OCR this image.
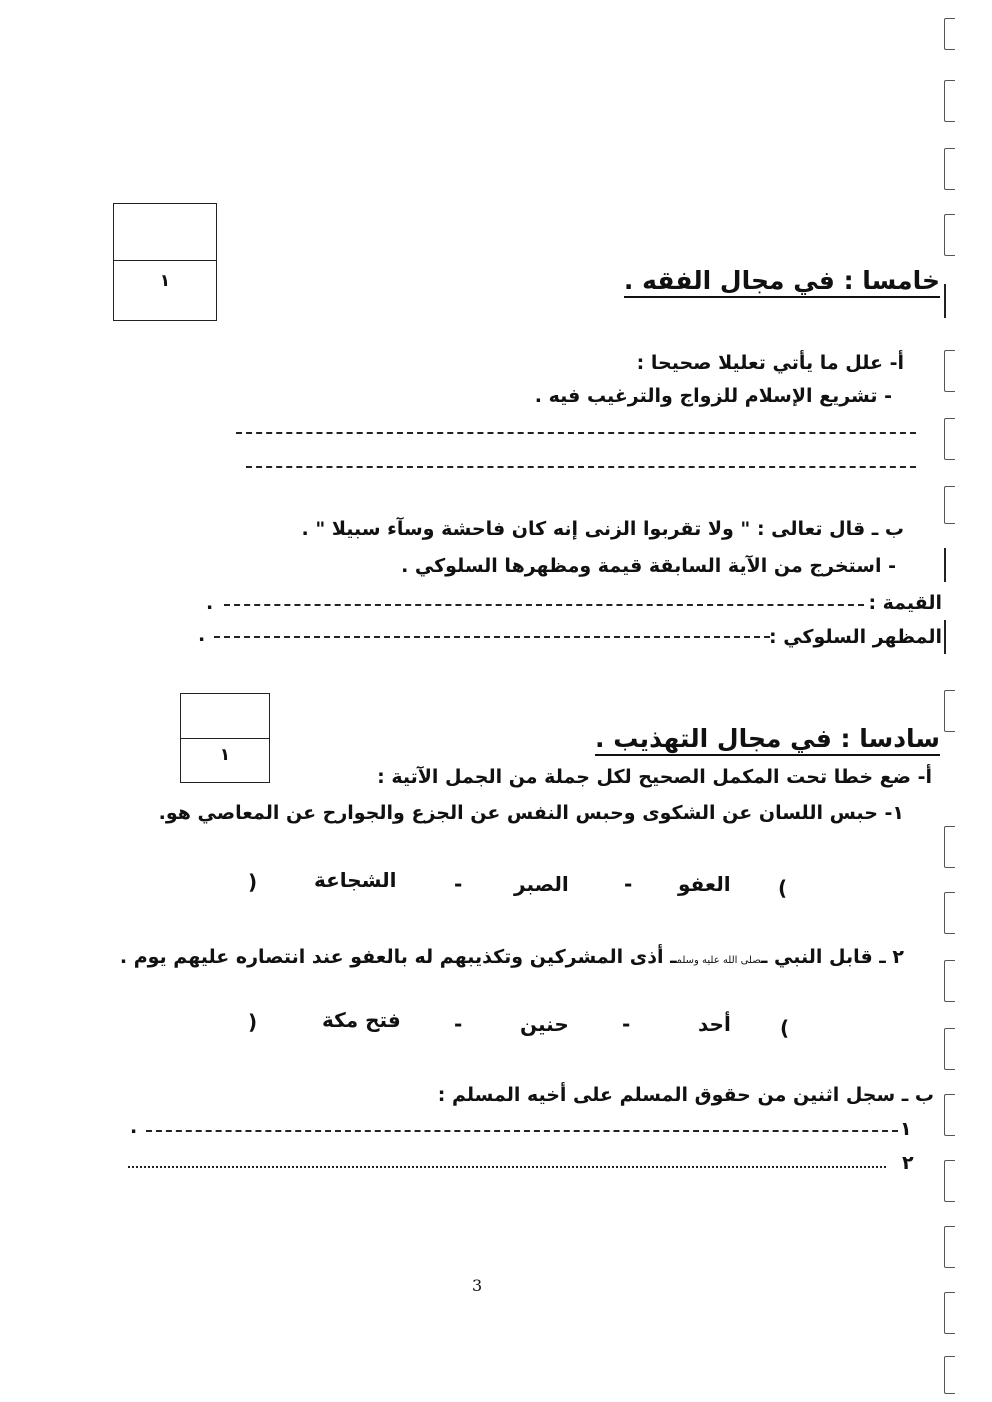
١	خامسا : في مجال الفقه .
أ- علل ما يأتي تعليلا صحيحا :
- تشريع الإسلام للزواج والترغيب فيه .
ب ـ قال تعالى : " ولا تقربوا الزنى إنه كان فاحشة وسآء سبيلا " .
- استخرج من الآية السابقة قيمة ومظهرها السلوكي .
القيمة :
.
المظهر السلوكي :
.
١
سادسا : في مجال التهذيب .
أ- ضع خطا تحت المكمل الصحيح لكل جملة من الجمل الآتية :
١- حبس اللسان عن الشكوى وحبس النفس عن الجزع والجوارح عن المعاصي هو.
(
العفو
-
الصبر
-
الشجاعة
)
٢ ـ قابل النبي ـصلى الله عليه وسلمـ أذى المشركين وتكذيبهم له بالعفو عند انتصاره عليهم يوم .
(
أحد
-
حنين
-
فتح مكة
)
ب ـ سجل اثنين من حقوق المسلم على أخيه المسلم :
١
.
٢
3
